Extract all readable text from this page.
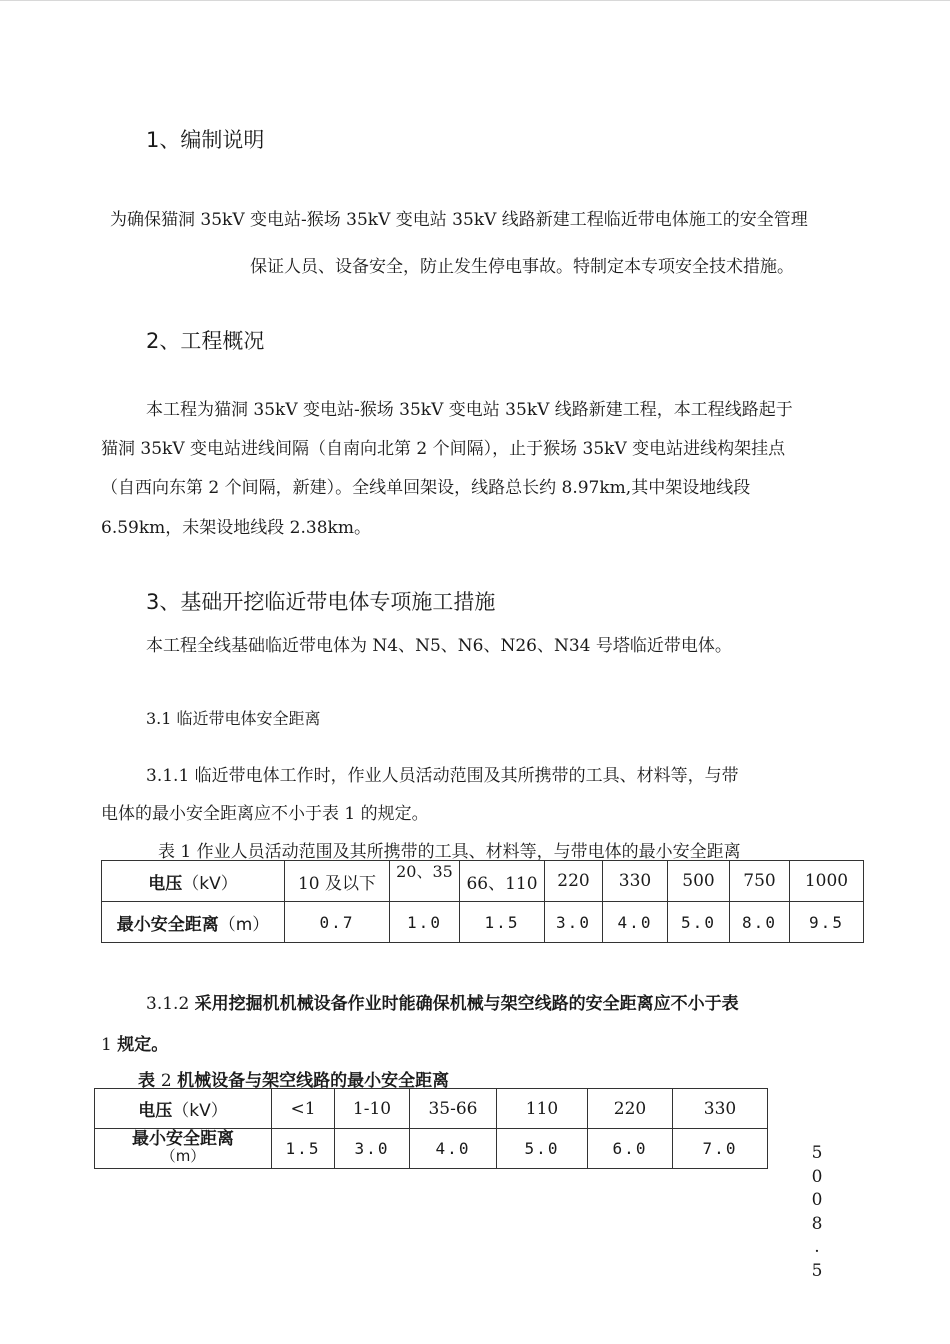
1、编制说明
为确保猫洞 35kV 变电站-猴场 35kV 变电站 35kV 线路新建工程临近带电体施工的安全管理
保证人员、设备安全，防止发生停电事故。特制定本专项安全技术措施。
2、工程概况
本工程为猫洞 35kV 变电站-猴场 35kV 变电站 35kV 线路新建工程，本工程线路起于
猫洞 35kV 变电站进线间隔（自南向北第 2 个间隔），止于猴场 35kV 变电站进线构架挂点
（自西向东第 2 个间隔，新建）。全线单回架设，线路总长约 8.97km,其中架设地线段
6.59km，未架设地线段 2.38km。
3、基础开挖临近带电体专项施工措施
本工程全线基础临近带电体为 N4、N5、N6、N26、N34 号塔临近带电体。
3.1 临近带电体安全距离
3.1.1 临近带电体工作时，作业人员活动范围及其所携带的工具、材料等，与带
电体的最小安全距离应不小于表 1 的规定。
表 1 作业人员活动范围及其所携带的工具、材料等，与带电体的最小安全距离
电压（kV）	10 及以下	20、35	66、110	220	330	500	750	1000
最小安全距离（m）	0.7	1.0	1.5	3.0	4.0	5.0	8.0	9.5
3.1.2 采用挖掘机机械设备作业时能确保机械与架空线路的安全距离应不小于表
1 规定。
表 2 机械设备与架空线路的最小安全距离
电压（kV）	<1	1-10	35-66	110	220	330
最小安全距离
（m）	1.5	3.0	4.0	5.0	6.0	7.0	5
0
0
8
.
5
